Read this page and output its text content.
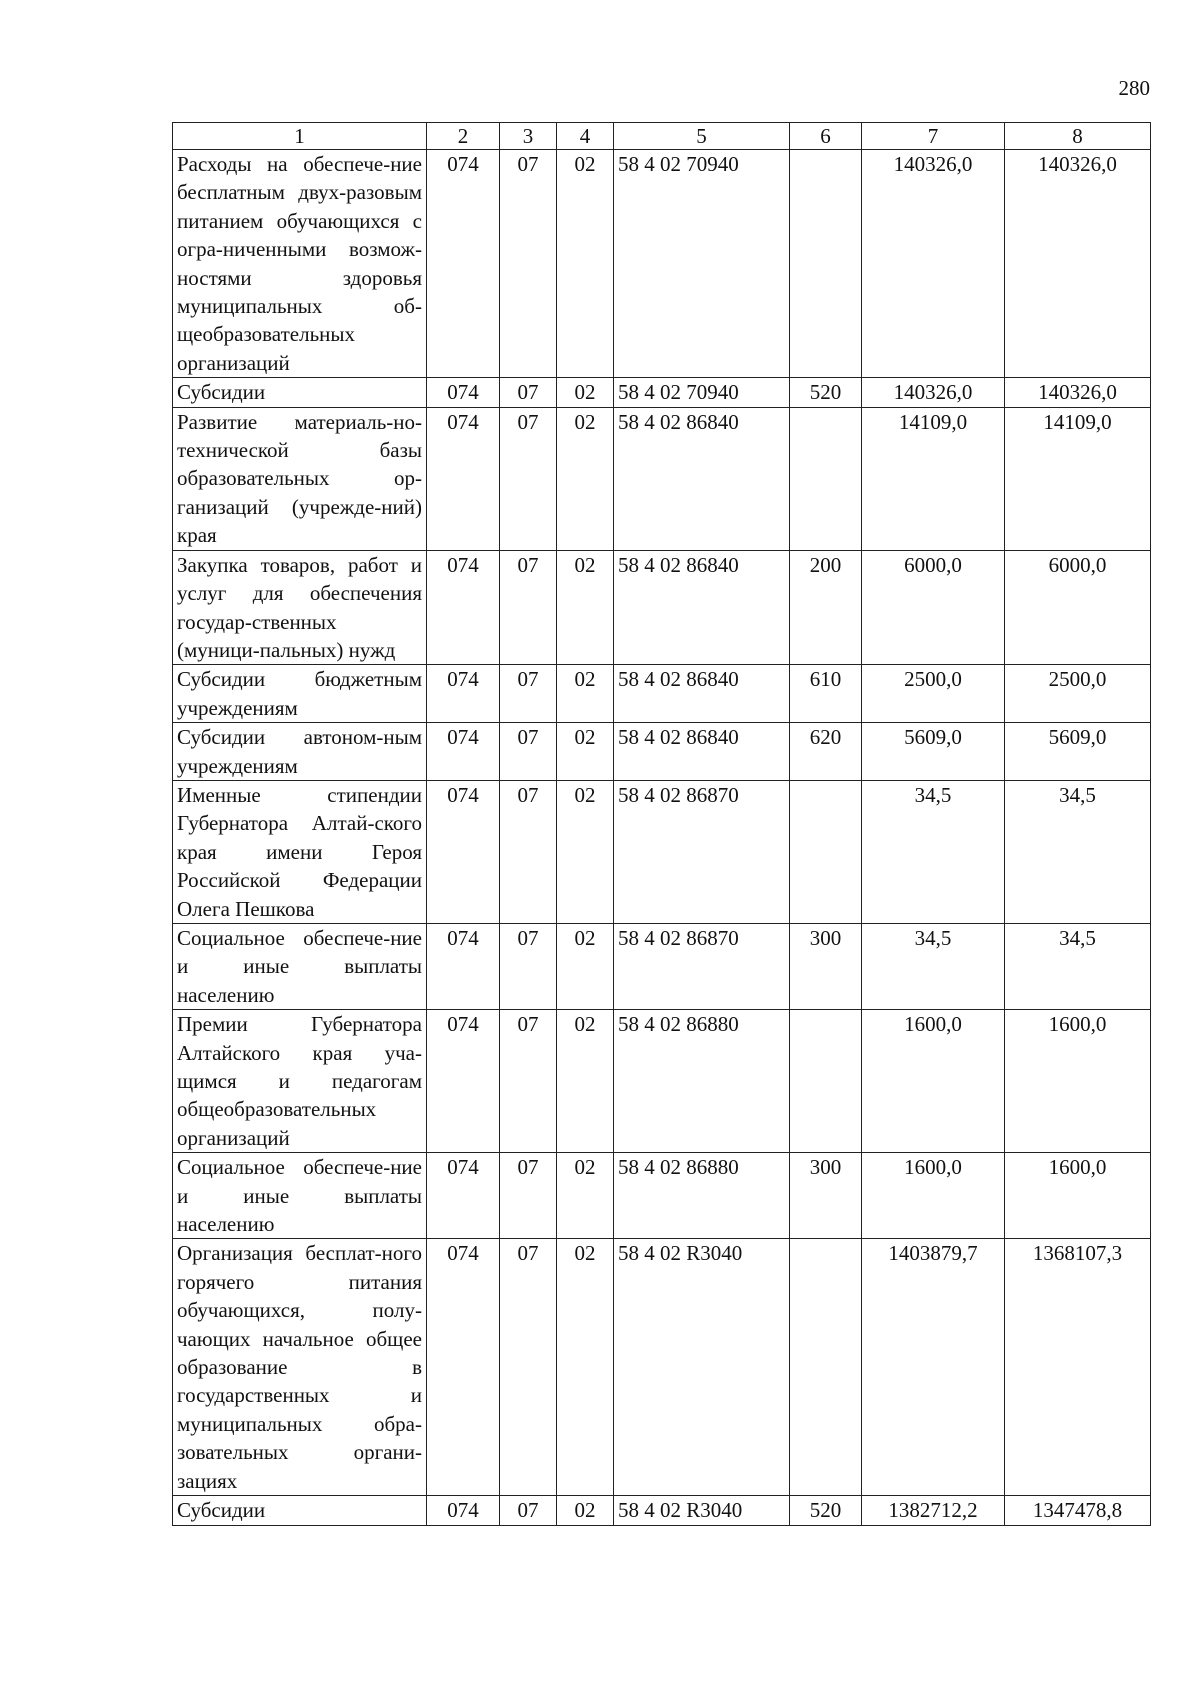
280
1	2	3	4	5	6	7	8
Расходы на обеспече-ние бесплатным двух-разовым питанием обучающихся с огра-ниченными возмож-ностями здоровья муниципальных об-щеобразовательных организаций	074	07	02	58 4 02 70940		140326,0	140326,0
Субсидии	074	07	02	58 4 02 70940	520	140326,0	140326,0
Развитие материаль-но-технической базы образовательных ор-ганизаций (учрежде-ний) края	074	07	02	58 4 02 86840		14109,0	14109,0
Закупка товаров, работ и услуг для обеспечения государ-ственных (муници-пальных) нужд	074	07	02	58 4 02 86840	200	6000,0	6000,0
Субсидии бюджетным учреждениям	074	07	02	58 4 02 86840	610	2500,0	2500,0
Субсидии автоном-ным учреждениям	074	07	02	58 4 02 86840	620	5609,0	5609,0
Именные стипендии Губернатора Алтай-ского края имени Героя Российской Федерации Олега Пешкова	074	07	02	58 4 02 86870		34,5	34,5
Социальное обеспече-ние и иные выплаты населению	074	07	02	58 4 02 86870	300	34,5	34,5
Премии Губернатора Алтайского края уча-щимся и педагогам общеобразовательных организаций	074	07	02	58 4 02 86880		1600,0	1600,0
Социальное обеспече-ние и иные выплаты населению	074	07	02	58 4 02 86880	300	1600,0	1600,0
Организация бесплат-ного горячего питания обучающихся, полу-чающих начальное общее образование в государственных и муниципальных обра-зовательных органи-зациях	074	07	02	58 4 02 R3040		1403879,7	1368107,3
Субсидии	074	07	02	58 4 02 R3040	520	1382712,2	1347478,8
